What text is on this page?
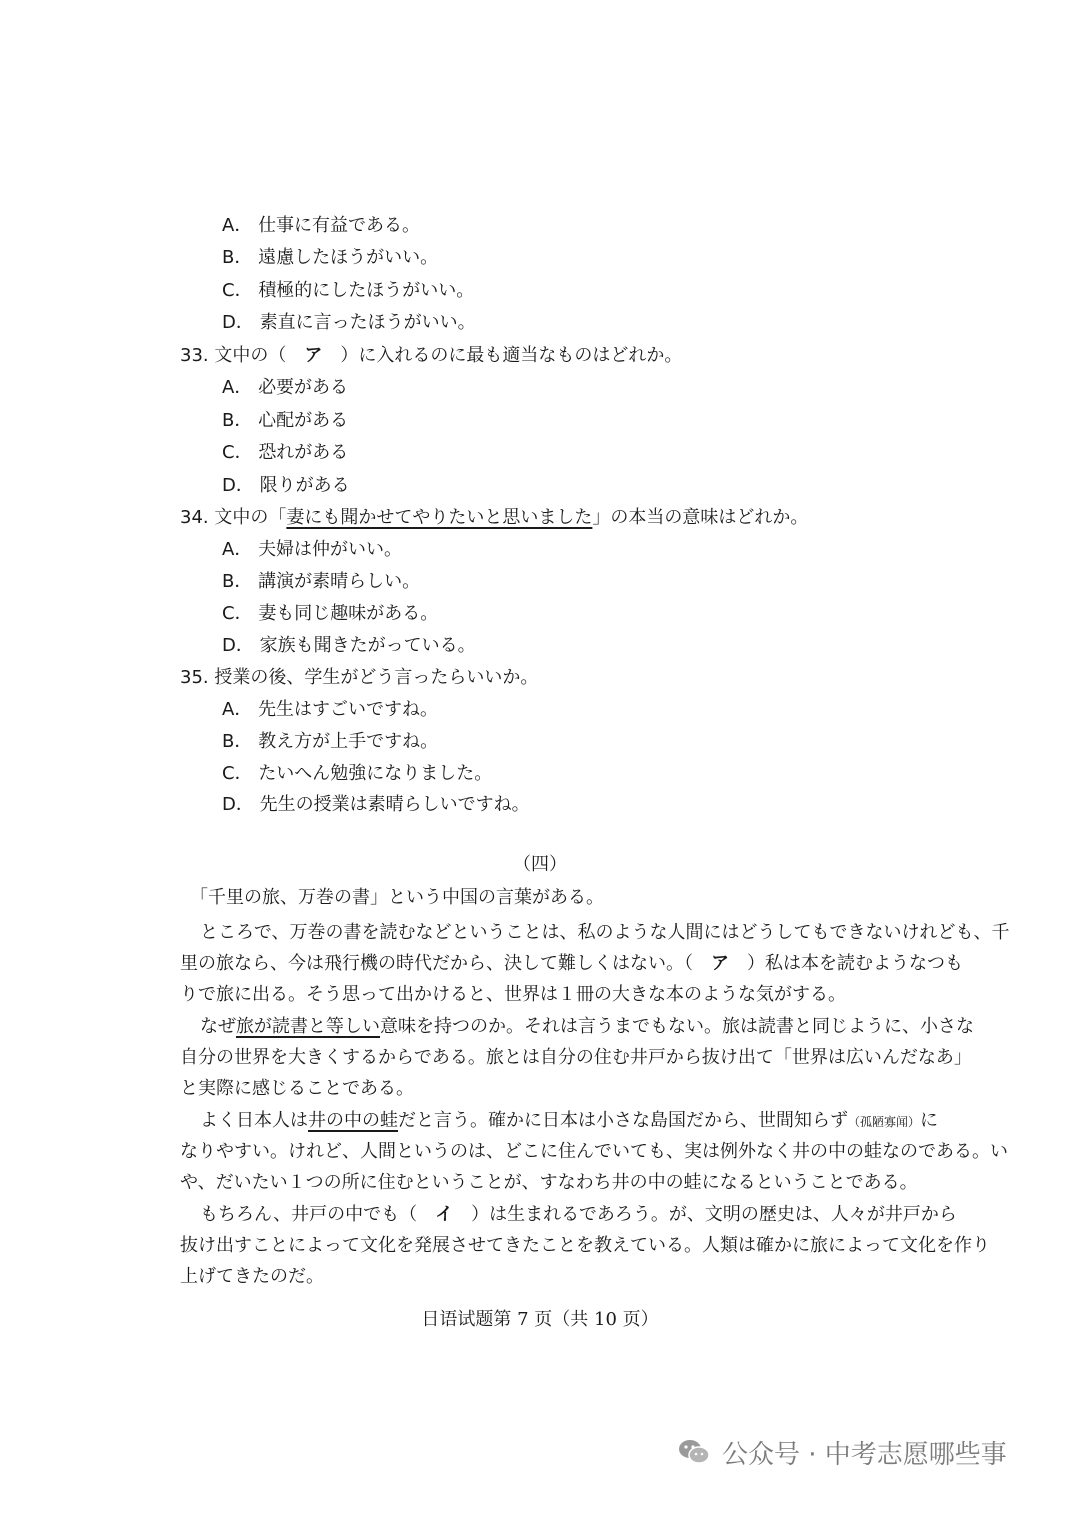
A． 仕事に有益である。
B． 遠慮したほうがいい。
C． 積極的にしたほうがいい。
D． 素直に言ったほうがいい。
33. 文中の（　ア　）に入れるのに最も適当なものはどれか。
A． 必要がある
B． 心配がある
C． 恐れがある
D． 限りがある
34. 文中の「妻にも聞かせてやりたいと思いました」の本当の意味はどれか。
A． 夫婦は仲がいい。
B． 講演が素晴らしい。
C． 妻も同じ趣味がある。
D． 家族も聞きたがっている。
35. 授業の後、学生がどう言ったらいいか。
A． 先生はすごいですね。
B． 教え方が上手ですね。
C． たいへん勉強になりました。
D． 先生の授業は素晴らしいですね。
（四）
「千里の旅、万巻の書」という中国の言葉がある。
ところで、万巻の書を読むなどということは、私のような人間にはどうしてもできないけれども、千
里の旅なら、今は飛行機の時代だから、決して難しくはない。（　ア　）私は本を読むようなつも
りで旅に出る。そう思って出かけると、世界は１冊の大きな本のような気がする。
なぜ旅が読書と等しい意味を持つのか。それは言うまでもない。旅は読書と同じように、小さな
自分の世界を大きくするからである。旅とは自分の住む井戸から抜け出て「世界は広いんだなあ」
と実際に感じることである。
よく日本人は井の中の蛙だと言う。確かに日本は小さな島国だから、世間知らず（孤陋寡闻）に
なりやすい。けれど、人間というのは、どこに住んでいても、実は例外なく井の中の蛙なのである。い
や、だいたい１つの所に住むということが、すなわち井の中の蛙になるということである。
もちろん、井戸の中でも（　イ　）は生まれるであろう。が、文明の歴史は、人々が井戸から
抜け出すことによって文化を発展させてきたことを教えている。人類は確かに旅によって文化を作り
上げてきたのだ。
日语试题第 7 页（共 10 页）
公众号 · 中考志愿哪些事
